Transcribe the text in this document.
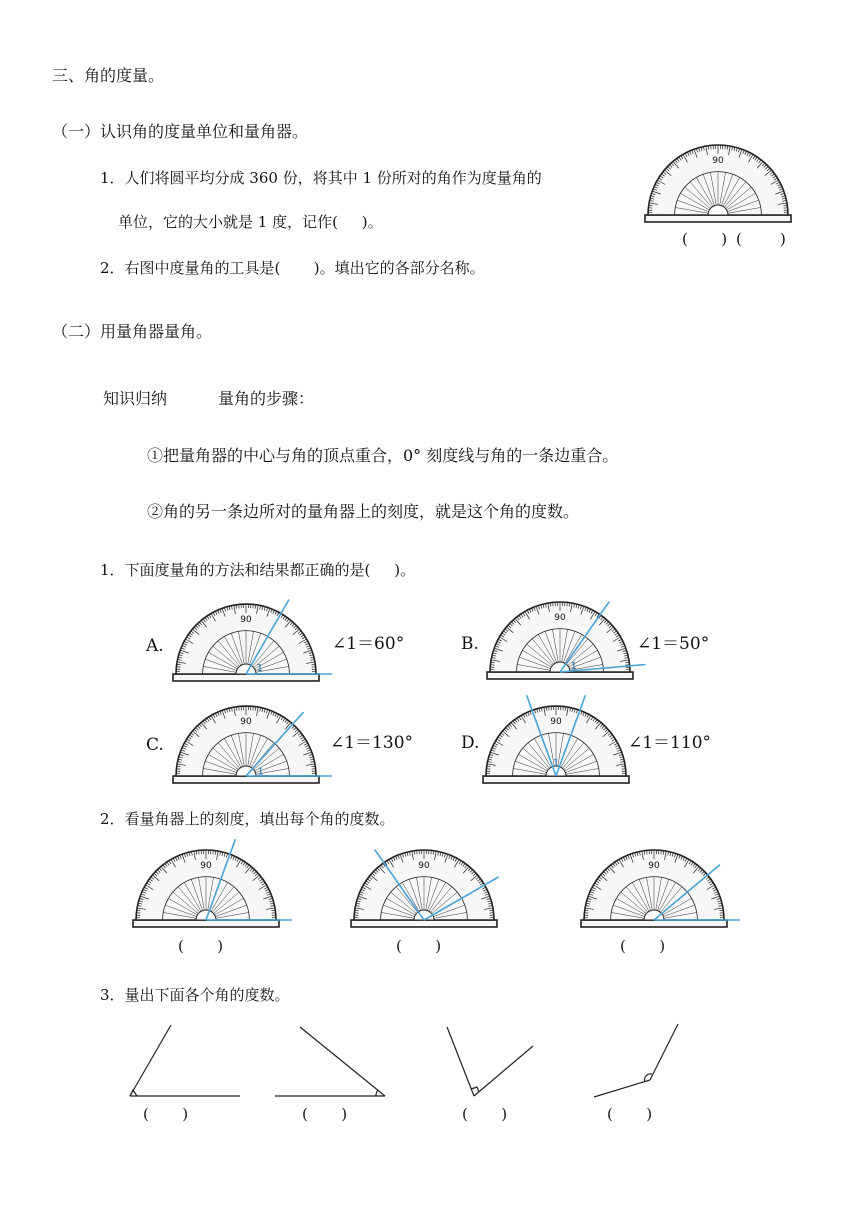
三、角的度量。
（一）认识角的度量单位和量角器。
1．人们将圆平均分成 360 份，将其中 1 份所对的角作为度量角的
单位，它的大小就是 1 度，记作(     )。
2．右图中度量角的工具是(       )。填出它的各部分名称。
（二）用量角器量角。
知识归纳	量角的步骤：
①把量角器的中心与角的顶点重合，0° 刻度线与角的一条边重合。
②角的另一条边所对的量角器上的刻度，就是这个角的度数。
1．下面度量角的方法和结果都正确的是(     )。
A.	∠1＝60°	B.	∠1＝50°
C.	∠1＝130°	D.	∠1＝110°
2．看量角器上的刻度，填出每个角的度数。
(       )	(       )	(       )
3．量出下面各个角的度数。
(       )	(       )	(       )	(       )
(       ) (        )
90
90
1
90
1
90
1
90
1
90	90	90
